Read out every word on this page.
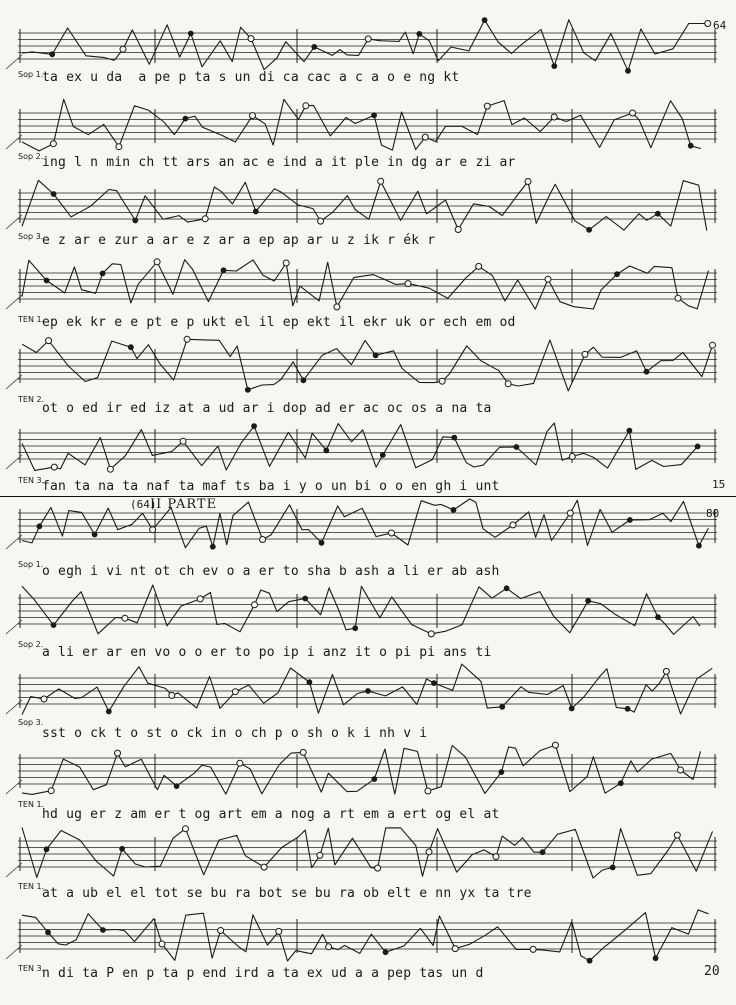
64
15
(64)
II PARTE
80
20
Sop 1.
ta ex u da  a pe p ta s un di ca cac a c a o e ng kt
Sop 2.
ing l n min ch tt ars an ac e ind a it ple in dg ar e zi ar
Sop 3.
e z ar e zur a ar e z ar a ep ap ar u z ik r ék r
TEN 1.
ep ek kr e e pt e p ukt el il ep ekt il ekr uk or ech em od
TEN 2.
ot o ed ir ed iz at a ud ar i dop ad er ac oc os a na ta
TEN 3.
fan ta na ta naf ta maf ts ba i y o un bi o o en gh i unt
Sop 1.
o egh i vi nt ot ch ev o a er to sha b ash a li er ab ash
Sop 2.
a li er ar en vo o o er to po ip i anz it o pi pi ans ti
Sop 3.
sst o ck t o st o ck in o ch p o sh o k i nh v i
TEN 1.
hd ug er z am er t og art em a nog a rt em a ert og el at
TEN 1.
at a ub el el tot se bu ra bot se bu ra ob elt e nn yx ta tre
TEN 3.
n di ta P en p ta p end ird a ta ex ud a a pep tas un d
